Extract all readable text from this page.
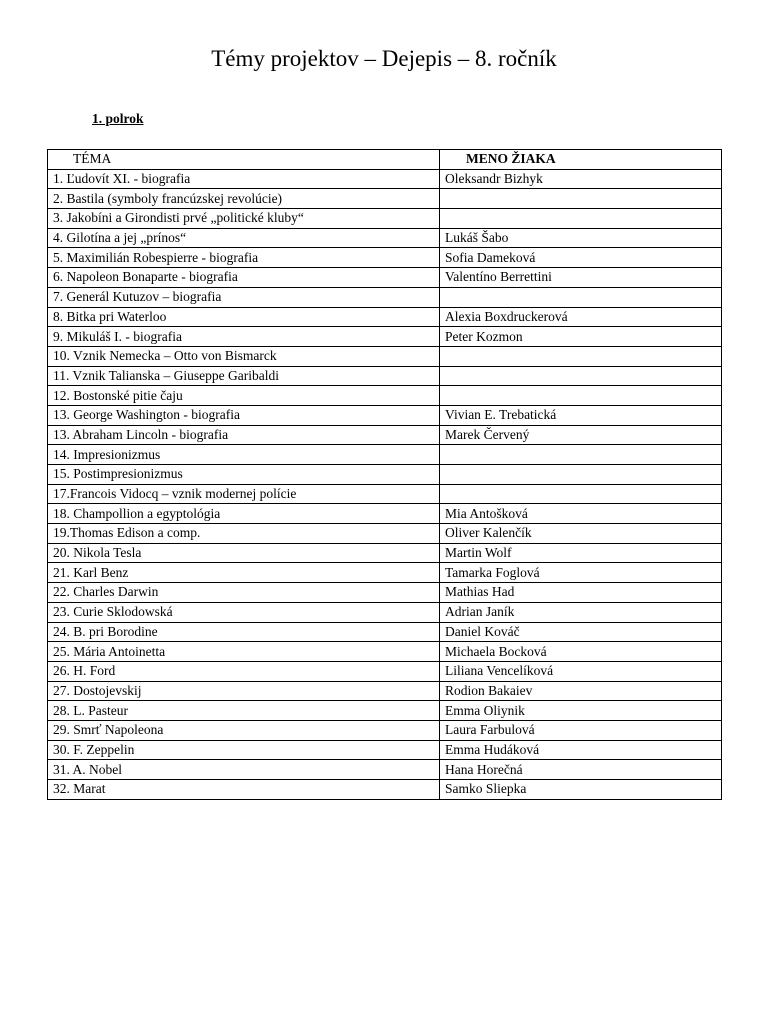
Témy projektov – Dejepis – 8. ročník
1. polrok
TÉMA	MENO ŽIAKA
1. Ľudovít XI. - biografia	Oleksandr Bizhyk
2. Bastila (symboly francúzskej revolúcie)	
3. Jakobíni a Girondisti prvé „politické kluby“	
4. Gilotína a jej „prínos“	Lukáš Šabo
5. Maximilián Robespierre - biografia	Sofia Dameková
6. Napoleon Bonaparte - biografia	Valentíno Berrettini
7. Generál Kutuzov – biografia	
8. Bitka pri Waterloo	Alexia Boxdruckerová
9. Mikuláš I. - biografia	Peter Kozmon
10. Vznik Nemecka – Otto von Bismarck	
11. Vznik Talianska – Giuseppe Garibaldi	
12. Bostonské pitie čaju	
13. George Washington - biografia	Vivian E. Trebatická
13. Abraham Lincoln - biografia	Marek Červený
14. Impresionizmus	
15. Postimpresionizmus	
17.Francois Vidocq – vznik modernej polície	
18. Champollion a egyptológia	Mia Antošková
19.Thomas Edison a comp.	Oliver Kalenčík
20. Nikola Tesla	Martin Wolf
21. Karl Benz	Tamarka Foglová
22. Charles Darwin	Mathias Had
23. Curie Sklodowská	Adrian Janík
24. B. pri Borodine	Daniel Kováč
25. Mária Antoinetta	Michaela Bocková
26. H. Ford	Liliana Vencelíková
27. Dostojevskij	Rodion Bakaiev
28. L. Pasteur	Emma Oliynik
29. Smrť Napoleona	Laura Farbulová
30. F. Zeppelin	Emma Hudáková
31. A. Nobel	Hana Horečná
32. Marat	Samko Sliepka
